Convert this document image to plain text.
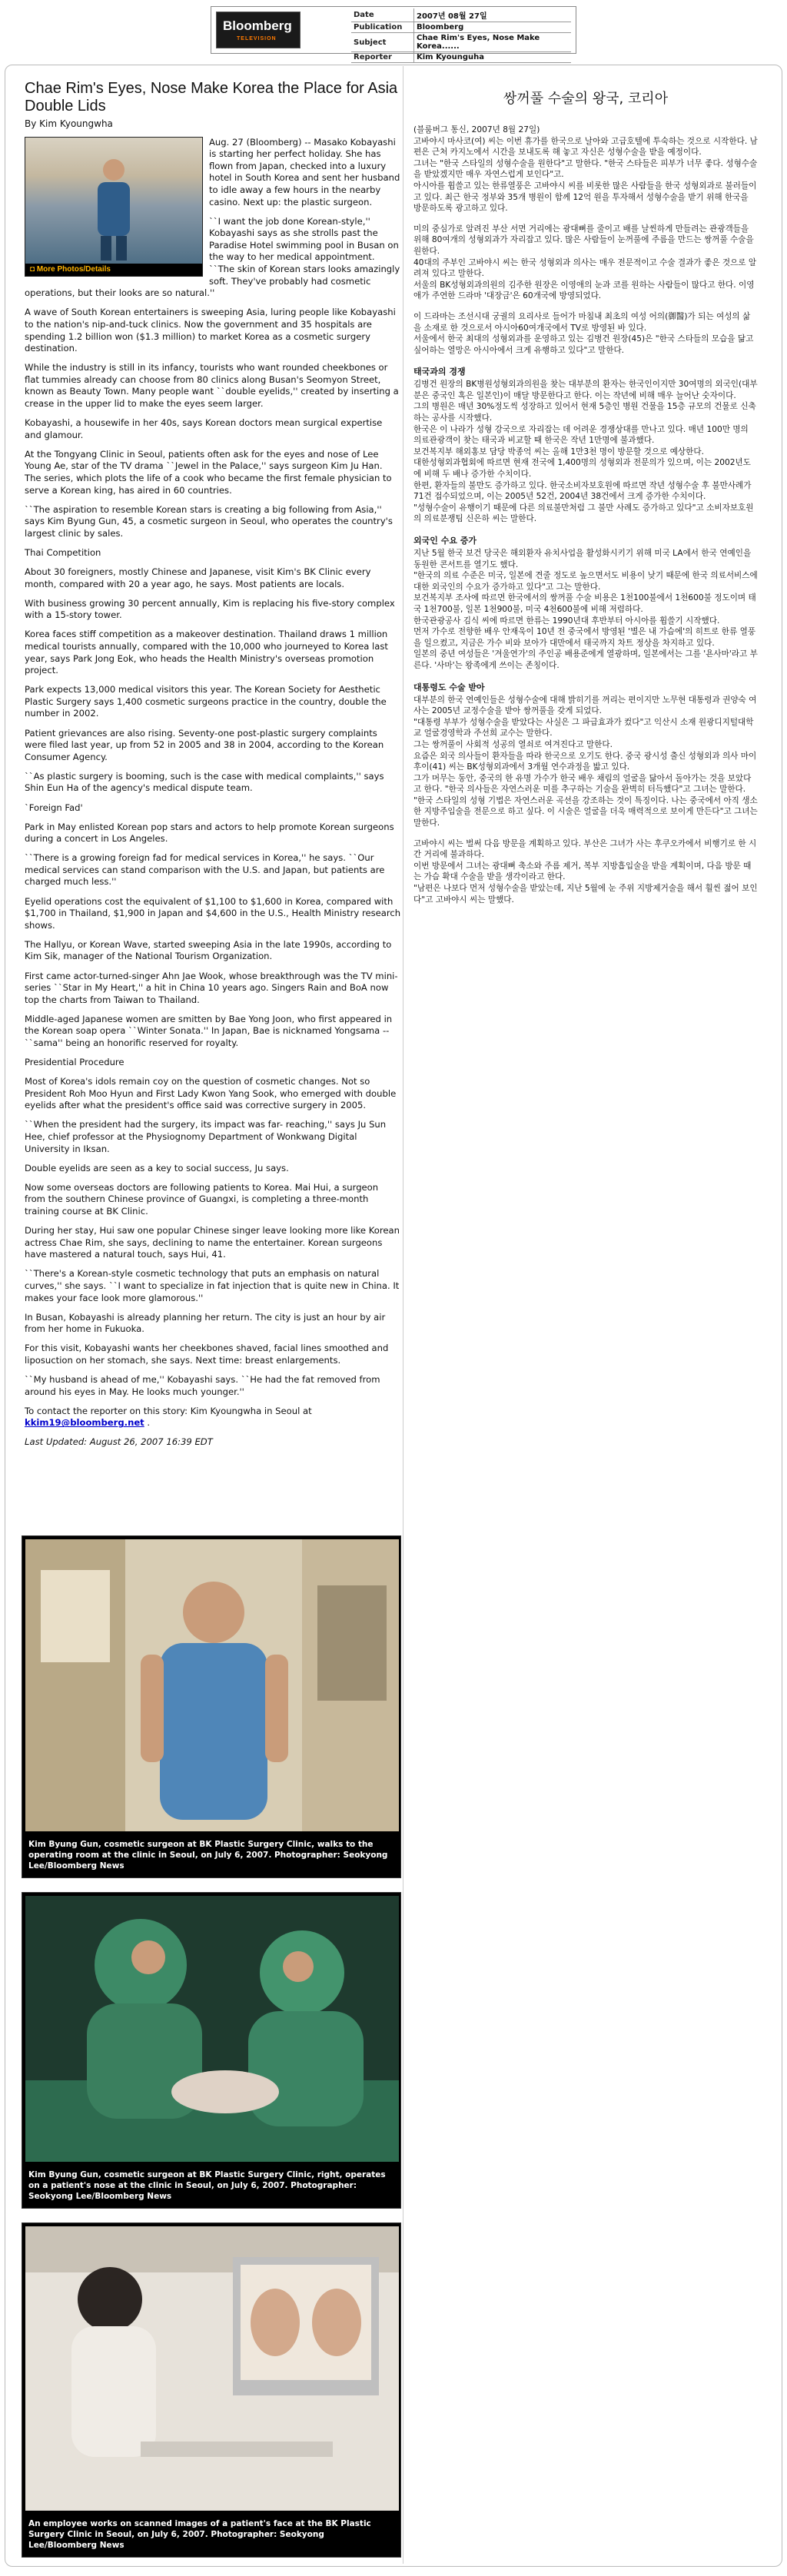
Bloomberg
TELEVISION
Date	2007년 08월 27일
Publication	Bloomberg
Subject	Chae Rim's Eyes, Nose Make Korea......
Reporter	Kim Kyounguha
Chae Rim's Eyes, Nose Make Korea the Place for Asia Double Lids
By Kim Kyoungwha
◘ More Photos/Details

Aug. 27 (Bloomberg) -- Masako Kobayashi is starting her perfect holiday. She has flown from Japan, checked into a luxury hotel in South Korea and sent her husband to idle away a few hours in the nearby casino. Next up: the plastic surgeon.

``I want the job done Korean-style,'' Kobayashi says as she strolls past the Paradise Hotel swimming pool in Busan on the way to her medical appointment. ``The skin of Korean stars looks amazingly soft. They've probably had cosmetic operations, but their looks are so natural.''

A wave of South Korean entertainers is sweeping Asia, luring people like Kobayashi to the nation's nip-and-tuck clinics. Now the government and 35 hospitals are spending 1.2 billion won ($1.3 million) to market Korea as a cosmetic surgery destination.

While the industry is still in its infancy, tourists who want rounded cheekbones or flat tummies already can choose from 80 clinics along Busan's Seomyon Street, known as Beauty Town. Many people want ``double eyelids,'' created by inserting a crease in the upper lid to make the eyes seem larger.

Kobayashi, a housewife in her 40s, says Korean doctors mean surgical expertise and glamour.

At the Tongyang Clinic in Seoul, patients often ask for the eyes and nose of Lee Young Ae, star of the TV drama ``Jewel in the Palace,'' says surgeon Kim Ju Han. The series, which plots the life of a cook who became the first female physician to serve a Korean king, has aired in 60 countries.

``The aspiration to resemble Korean stars is creating a big following from Asia,'' says Kim Byung Gun, 45, a cosmetic surgeon in Seoul, who operates the country's largest clinic by sales.

Thai Competition

About 30 foreigners, mostly Chinese and Japanese, visit Kim's BK Clinic every month, compared with 20 a year ago, he says. Most patients are locals.

With business growing 30 percent annually, Kim is replacing his five-story complex with a 15-story tower.

Korea faces stiff competition as a makeover destination. Thailand draws 1 million medical tourists annually, compared with the 10,000 who journeyed to Korea last year, says Park Jong Eok, who heads the Health Ministry's overseas promotion project.

Park expects 13,000 medical visitors this year. The Korean Society for Aesthetic Plastic Surgery says 1,400 cosmetic surgeons practice in the country, double the number in 2002.

Patient grievances are also rising. Seventy-one post-plastic surgery complaints were filed last year, up from 52 in 2005 and 38 in 2004, according to the Korean Consumer Agency.

``As plastic surgery is booming, such is the case with medical complaints,'' says Shin Eun Ha of the agency's medical dispute team.

`Foreign Fad'

Park in May enlisted Korean pop stars and actors to help promote Korean surgeons during a concert in Los Angeles.

``There is a growing foreign fad for medical services in Korea,'' he says. ``Our medical services can stand comparison with the U.S. and Japan, but patients are charged much less.''

Eyelid operations cost the equivalent of $1,100 to $1,600 in Korea, compared with $1,700 in Thailand, $1,900 in Japan and $4,600 in the U.S., Health Ministry research shows.

The Hallyu, or Korean Wave, started sweeping Asia in the late 1990s, according to Kim Sik, manager of the National Tourism Organization.

First came actor-turned-singer Ahn Jae Wook, whose breakthrough was the TV mini-series ``Star in My Heart,'' a hit in China 10 years ago. Singers Rain and BoA now top the charts from Taiwan to Thailand.

Middle-aged Japanese women are smitten by Bae Yong Joon, who first appeared in the Korean soap opera ``Winter Sonata.'' In Japan, Bae is nicknamed Yongsama -- ``sama'' being an honorific reserved for royalty.

Presidential Procedure

Most of Korea's idols remain coy on the question of cosmetic changes. Not so President Roh Moo Hyun and First Lady Kwon Yang Sook, who emerged with double eyelids after what the president's office said was corrective surgery in 2005.

``When the president had the surgery, its impact was far- reaching,'' says Ju Sun Hee, chief professor at the Physiognomy Department of Wonkwang Digital University in Iksan.

Double eyelids are seen as a key to social success, Ju says.

Now some overseas doctors are following patients to Korea. Mai Hui, a surgeon from the southern Chinese province of Guangxi, is completing a three-month training course at BK Clinic.

During her stay, Hui saw one popular Chinese singer leave looking more like Korean actress Chae Rim, she says, declining to name the entertainer. Korean surgeons have mastered a natural touch, says Hui, 41.

``There's a Korean-style cosmetic technology that puts an emphasis on natural curves,'' she says. ``I want to specialize in fat injection that is quite new in China. It makes your face look more glamorous.''

In Busan, Kobayashi is already planning her return. The city is just an hour by air from her home in Fukuoka.

For this visit, Kobayashi wants her cheekbones shaved, facial lines smoothed and liposuction on her stomach, she says. Next time: breast enlargements.

``My husband is ahead of me,'' Kobayashi says. ``He had the fat removed from around his eyes in May. He looks much younger.''

To contact the reporter on this story: Kim Kyoungwha in Seoul at
kkim19@bloomberg.net .

Last Updated: August 26, 2007 16:39 EDT

Kim Byung Gun, cosmetic surgeon at BK Plastic Surgery Clinic, walks to the operating room at the clinic in Seoul, on July 6, 2007. Photographer: Seokyong Lee/Bloomberg News
Kim Byung Gun, cosmetic surgeon at BK Plastic Surgery Clinic, right, operates on a patient's nose at the clinic in Seoul, on July 6, 2007. Photographer: Seokyong Lee/Bloomberg News
An employee works on scanned images of a patient's face at the BK Plastic Surgery Clinic in Seoul, on July 6, 2007. Photographer: Seokyong Lee/Bloomberg News
쌍꺼풀 수술의 왕국, 코리아

(블룸버그 통신, 2007년 8월 27일)
고바야시 마사코(여) 씨는 이번 휴가를 한국으로 날아와 고급호텔에 투숙하는 것으로 시작한다. 남편은 근처 카지노에서 시간을 보내도록 해 놓고 자신은 성형수술을 받을 예정이다.
그녀는 "한국 스타일의 성형수술을 원한다"고 말한다. "한국 스타들은 피부가 너무 좋다. 성형수술을 받았겠지만 매우 자연스럽게 보인다"고.
아시아를 휩쓸고 있는 한류열풍은 고바야시 씨를 비롯한 많은 사람들을 한국 성형외과로 불러들이고 있다. 최근 한국 정부와 35개 병원이 함께 12억 원을 투자해서 성형수술을 받기 위해 한국을 방문하도록 광고하고 있다.

미의 중심가로 알려진 부산 서면 거리에는 광대뼈를 줄이고 배를 날씬하게 만들려는 관광객들을 위해 80여개의 성형외과가 자리잡고 있다. 많은 사람들이 눈꺼풀에 주름을 만드는 쌍꺼풀 수술을 원한다.
40대의 주부인 고바야시 씨는 한국 성형외과 의사는 매우 전문적이고 수술 결과가 좋은 것으로 알려져 있다고 말한다.
서울의 BK성형외과의원의 김주한 원장은 이영애의 눈과 코를 원하는 사람들이 많다고 한다. 이영애가 주연한 드라마 '대장금'은 60개국에 방영되었다.

이 드라마는 조선시대 궁궐의 요리사로 들어가 마침내 최초의 여성 어의(御醫)가 되는 여성의 삶을 소재로 한 것으로서 아시아60여개국에서 TV로 방영된 바 있다.
서울에서 한국 최대의 성형외과를 운영하고 있는 김병건 원장(45)은 "한국 스타들의 모습을 닮고 싶어하는 열망은 아시아에서 크게 유행하고 있다"고 말한다.

태국과의 경쟁

김병건 원장의 BK병원성형외과의원을 찾는 대부분의 환자는 한국인이지만 30여명의 외국인(대부분은 중국인 혹은 일본인)이 매달 방문한다고 한다. 이는 작년에 비해 매우 늘어난 숫자이다.
그의 병원은 매년 30%정도씩 성장하고 있어서 현재 5층인 병원 건물을 15층 규모의 건물로 신축하는 공사를 시작했다.
한국은 이 나라가 성형 강국으로 자리잡는 데 어려운 경쟁상대를 만나고 있다. 매년 100만 명의 의료관광객이 찾는 태국과 비교할 때 한국은 작년 1만명에 불과했다.
보건복지부 해외홍보 담당 박종억 씨는 올해 1만3천 명이 방문할 것으로 예상한다.
대한성형외과협회에 따르면 현재 전국에 1,400명의 성형외과 전문의가 있으며, 이는 2002년도에 비해 두 배나 증가한 수치이다.
한편, 환자들의 불만도 증가하고 있다. 한국소비자보호원에 따르면 작년 성형수술 후 불만사례가 71건 접수되었으며, 이는 2005년 52건, 2004년 38건에서 크게 증가한 수치이다.
"성형수술이 유행이기 때문에 다른 의료불만처럼 그 불만 사례도 증가하고 있다"고 소비자보호원의 의료분쟁팀 신은하 씨는 말한다.

외국인 수요 증가

지난 5월 한국 보건 당국은 해외환자 유치사업을 활성화시키기 위해 미국 LA에서 한국 연예인을 동원한 콘서트를 열기도 했다.
"한국의 의료 수준은 미국, 일본에 견줄 정도로 높으면서도 비용이 낮기 때문에 한국 의료서비스에 대한 외국인의 수요가 증가하고 있다"고 그는 말한다.
보건복지부 조사에 따르면 한국에서의 쌍꺼풀 수술 비용은 1천100불에서 1천600불 정도이며 태국 1천700불, 일본 1천900불, 미국 4천600불에 비해 저렴하다.
한국관광공사 김식 씨에 따르면 한류는 1990년대 후반부터 아시아를 휩쓸기 시작했다.
먼저 가수로 전향한 배우 안재욱이 10년 전 중국에서 방영된 '별은 내 가슴에'의 히트로 한류 열풍을 일으켰고, 지금은 가수 비와 보아가 대만에서 태국까지 차트 정상을 차지하고 있다.
일본의 중년 여성들은 '겨울연가'의 주인공 배용준에게 열광하며, 일본에서는 그를 '욘사마'라고 부른다. '사마'는 왕족에게 쓰이는 존칭이다.

대통령도 수술 받아

대부분의 한국 연예인들은 성형수술에 대해 밝히기를 꺼리는 편이지만 노무현 대통령과 권양숙 여사는 2005년 교정수술을 받아 쌍꺼풀을 갖게 되었다.
"대통령 부부가 성형수술을 받았다는 사실은 그 파급효과가 컸다"고 익산시 소재 원광디지털대학교 얼굴경영학과 주선희 교수는 말한다.
그는 쌍꺼풀이 사회적 성공의 열쇠로 여겨진다고 말한다.
요즘은 외국 의사들이 환자들을 따라 한국으로 오기도 한다. 중국 광시성 출신 성형외과 의사 마이후이(41) 씨는 BK성형외과에서 3개월 연수과정을 밟고 있다.
그가 머무는 동안, 중국의 한 유명 가수가 한국 배우 채림의 얼굴을 닮아서 돌아가는 것을 보았다고 한다. "한국 의사들은 자연스러운 미를 추구하는 기술을 완벽히 터득했다"고 그녀는 말한다.
"한국 스타일의 성형 기법은 자연스러운 곡선을 강조하는 것이 특징이다. 나는 중국에서 아직 생소한 지방주입술을 전문으로 하고 싶다. 이 시술은 얼굴을 더욱 매력적으로 보이게 만든다"고 그녀는 말한다.

고바야시 씨는 벌써 다음 방문을 계획하고 있다. 부산은 그녀가 사는 후쿠오카에서 비행기로 한 시간 거리에 불과하다.
이번 방문에서 그녀는 광대뼈 축소와 주름 제거, 복부 지방흡입술을 받을 계획이며, 다음 방문 때는 가슴 확대 수술을 받을 생각이라고 한다.
"남편은 나보다 먼저 성형수술을 받았는데, 지난 5월에 눈 주위 지방제거술을 해서 훨씬 젊어 보인다"고 고바야시 씨는 말했다.
